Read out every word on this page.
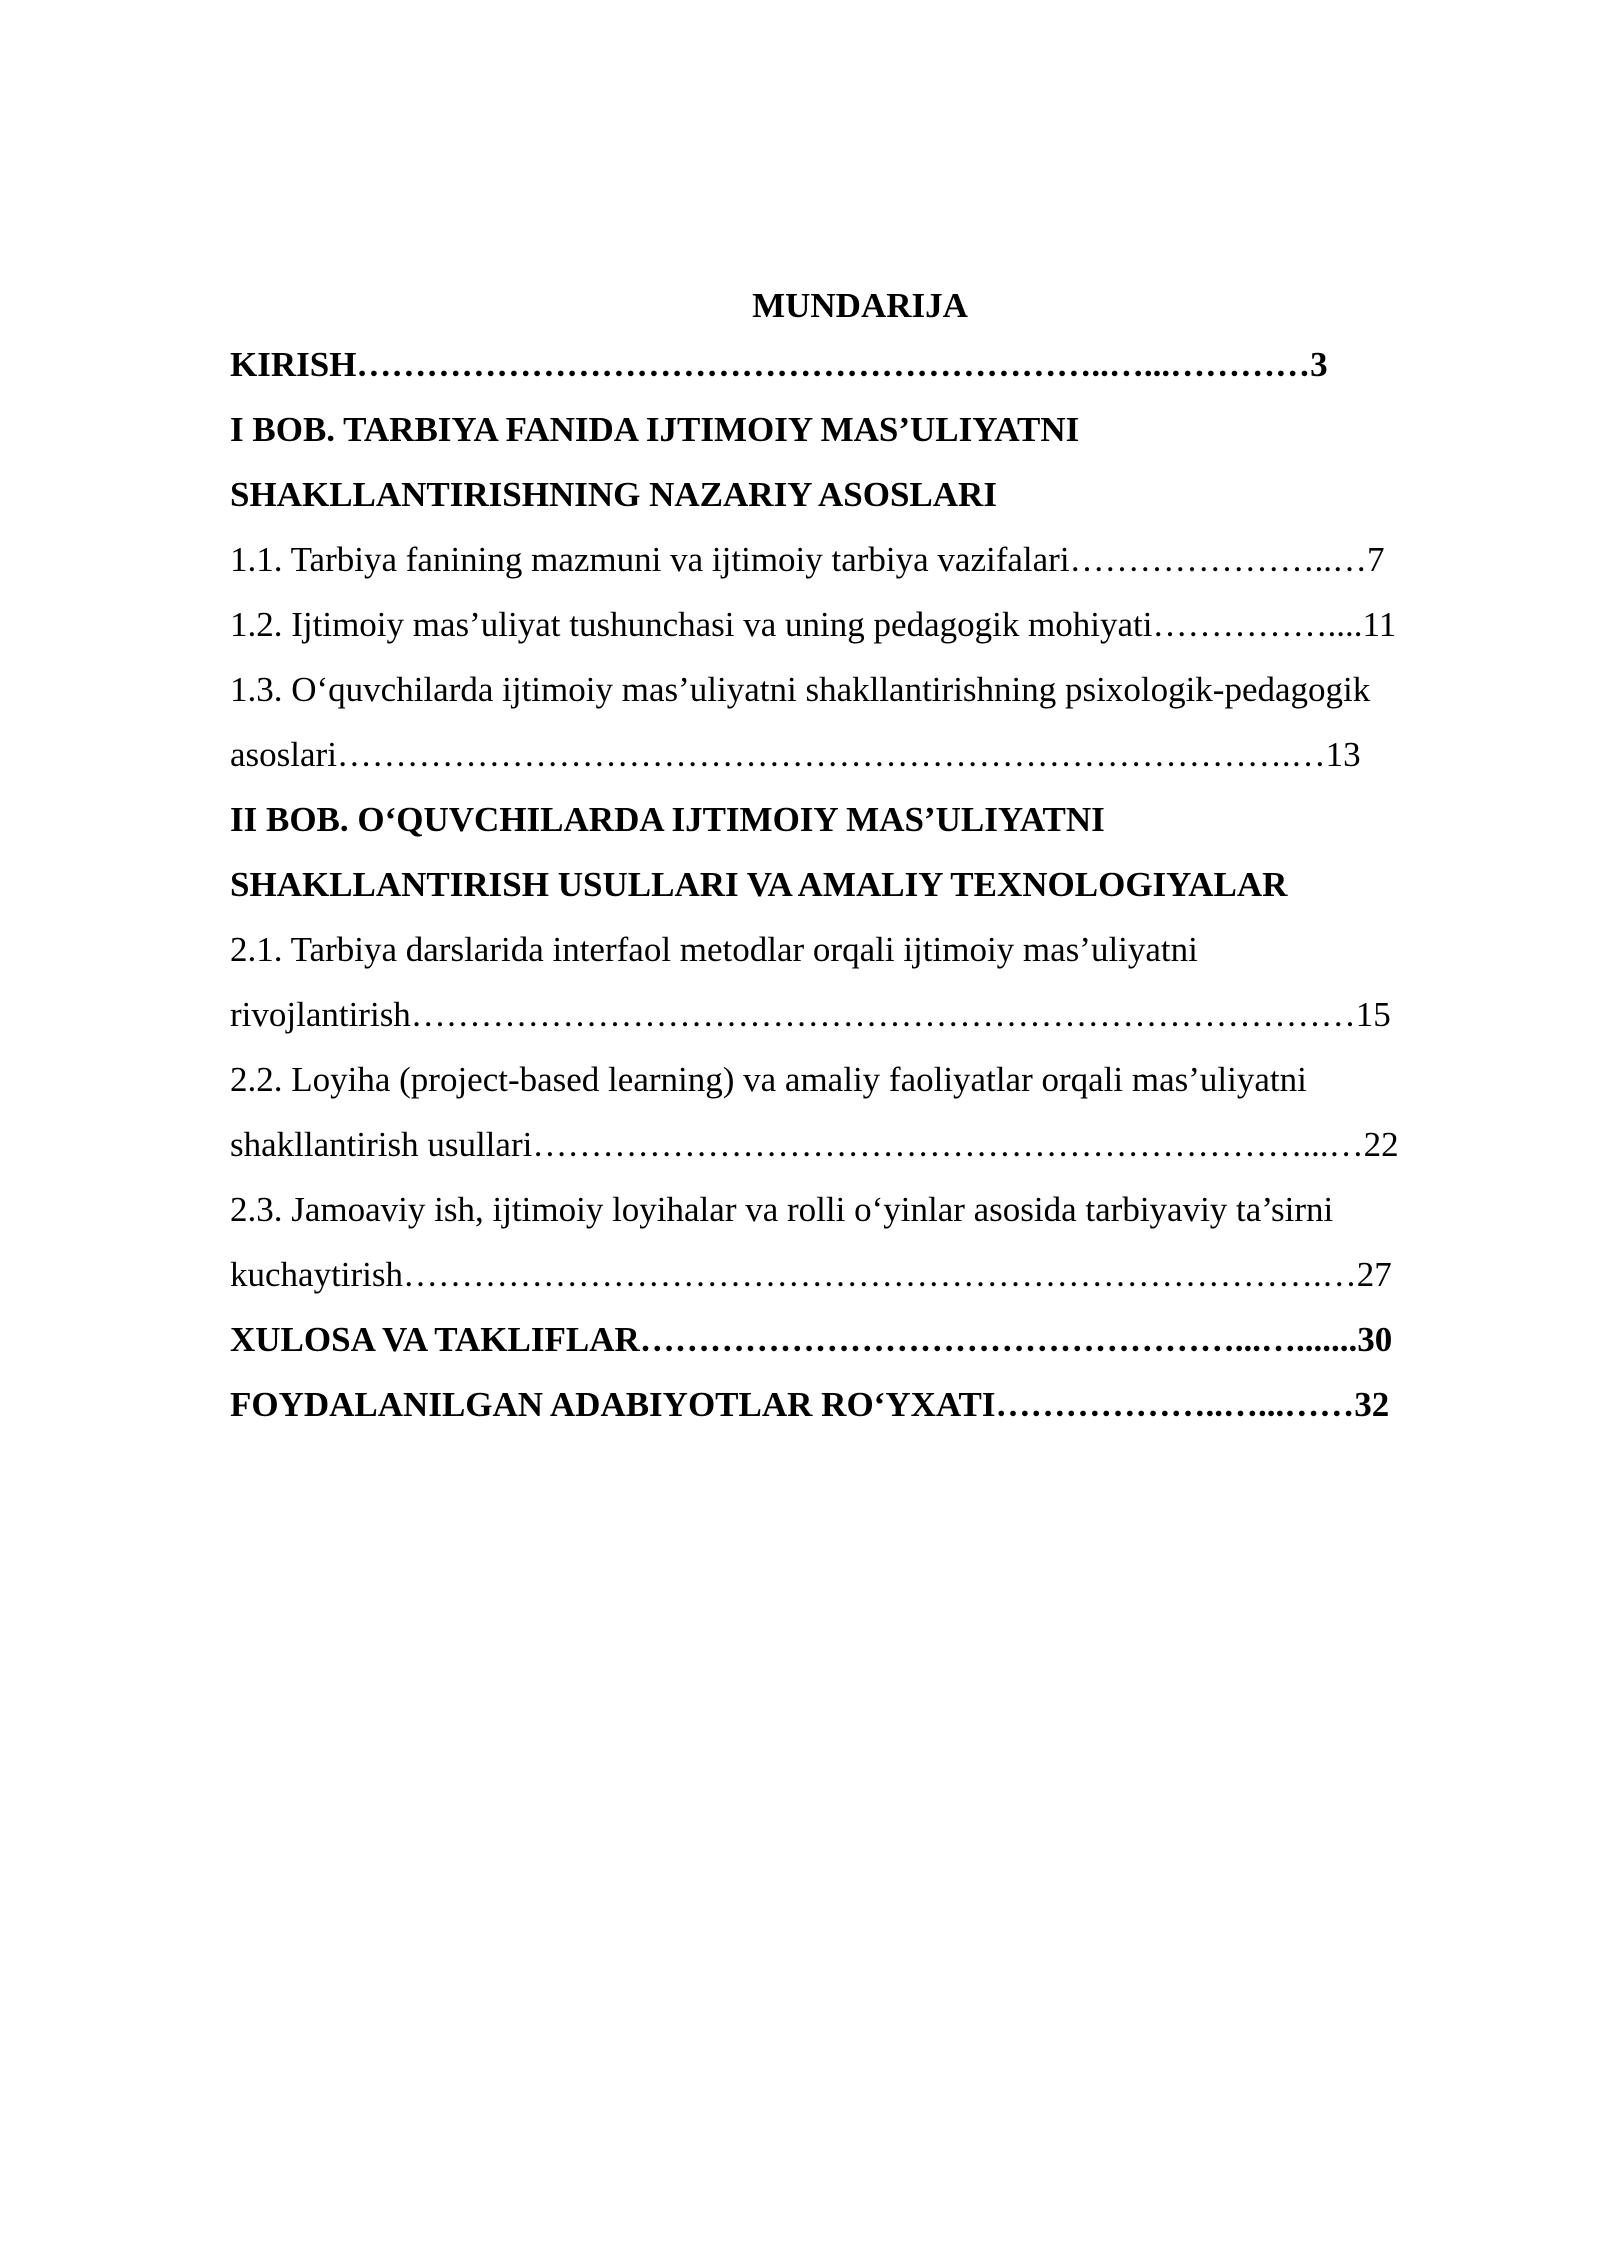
MUNDARIJA
KIRISH………………………………………………………..…...…………3
I BOB. TARBIYA FANIDA IJTIMOIY MAS’ULIYATNI
SHAKLLANTIRISHNING NAZARIY ASOSLARI
1.1. Tarbiya fanining mazmuni va ijtimoiy tarbiya vazifalari…………………..…7
1.2. Ijtimoiy mas’uliyat tushunchasi va uning pedagogik mohiyati……………....11
1.3. O‘quvchilarda ijtimoiy mas’uliyatni shakllantirishning psixologik-pedagogik
asoslari……………………………………………………………………….…13
II BOB. O‘QUVCHILARDA IJTIMOIY MAS’ULIYATNI
SHAKLLANTIRISH USULLARI VA AMALIY TEXNOLOGIYALAR
2.1. Tarbiya darslarida interfaol metodlar orqali ijtimoiy mas’uliyatni
rivojlantirish………………………………………………………………………15
2.2. Loyiha (project-based learning) va amaliy faoliyatlar orqali mas’uliyatni
shakllantirish usullari…………………………………………………………...…22
2.3. Jamoaviy ish, ijtimoiy loyihalar va rolli o‘yinlar asosida tarbiyaviy ta’sirni
kuchaytirish…………………………………………………………………….…27
XULOSA VA TAKLIFLAR……………………………………………...….......30
FOYDALANILGAN ADABIYOTLAR RO‘YXATI………………..…...……32
